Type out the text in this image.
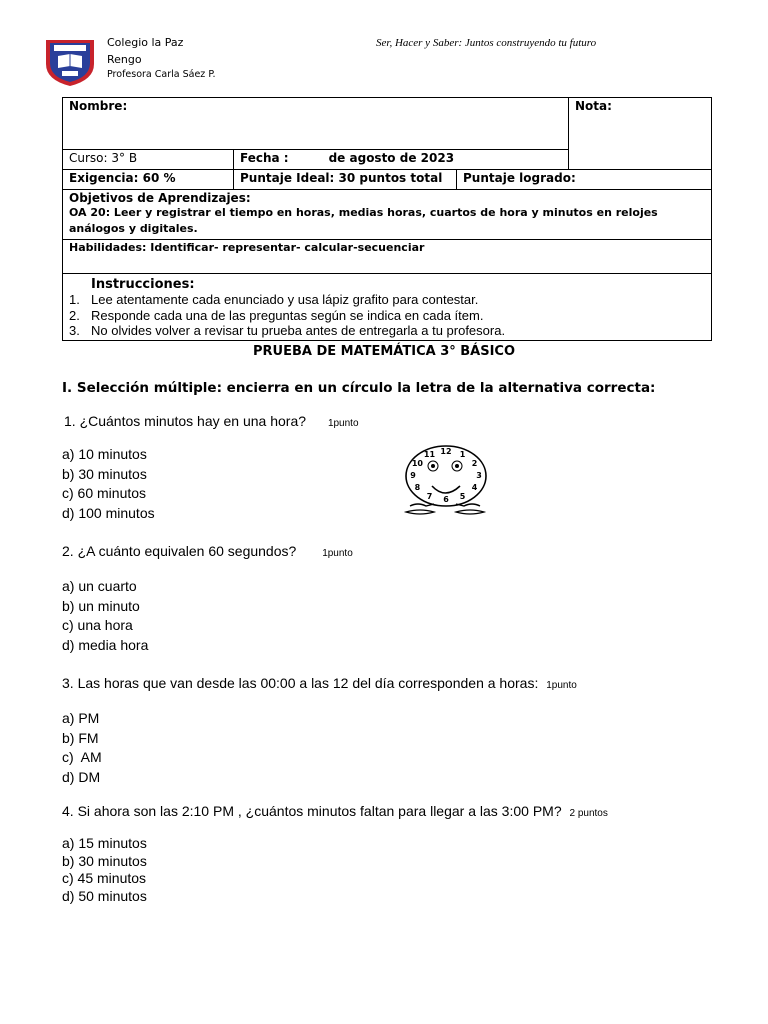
Colegio la Paz
Rengo
Profesora Carla Sáez P.
Ser, Hacer y Saber: Juntos construyendo tu futuro
Nombre:			Nota:
Curso: 3° B	Fecha : de agosto de 2023		
Exigencia: 60 %	Puntaje Ideal: 30 puntos total	Puntaje logrado:	

Objetivos de Aprendizajes:
OA 20: Leer y registrar el tiempo en horas, medias horas, cuartos de hora y minutos en relojes análogos y digitales.			

Habilidades: Identificar- representar- calcular-secuenciar			

Instrucciones:
1. Lee atentamente cada enunciado y usa lápiz grafito para contestar.
2. Responde cada una de las preguntas según se indica en cada ítem.
3. No olvides volver a revisar tu prueba antes de entregarla a tu profesora.			
PRUEBA DE MATEMÁTICA 3° BÁSICO
I. Selección múltiple: encierra en un círculo la letra de la alternativa correcta:
1. ¿Cuántos minutos hay en una hora? 1punto
a) 10 minutos
b) 30 minutos
c) 60 minutos
d) 100 minutos
12 1
2
3
4
5
6
7
8
9
10
11
2. ¿A cuánto equivalen 60 segundos?	1punto
a) un cuarto
b) un minuto
c) una hora
d) media hora
3. Las horas que van desde las 00:00 a las 12 del día corresponden a horas: 1punto
a) PM
b) FM
c)  AM
d) DM
4. Si ahora son las 2:10 PM , ¿cuántos minutos faltan para llegar a las 3:00 PM? 2 puntos
a) 15 minutos
b) 30 minutos
c) 45 minutos
d) 50 minutos
